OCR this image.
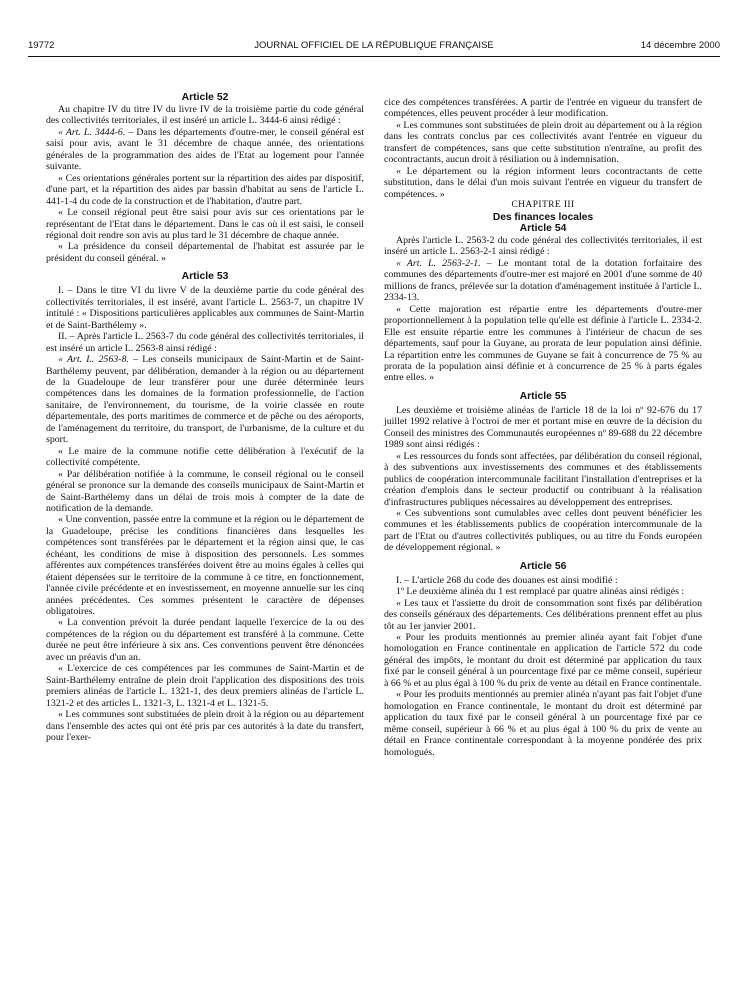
19772	JOURNAL OFFICIEL DE LA RÉPUBLIQUE FRANÇAISE	14 décembre 2000
Article 52

Au chapitre IV du titre IV du livre IV de la troisième partie du code général des collectivités territoriales, il est inséré un article L. 3444-6 ainsi rédigé :

« Art. L. 3444-6. – Dans les départements d'outre-mer, le conseil général est saisi pour avis, avant le 31 décembre de chaque année, des orientations générales de la programmation des aides de l'Etat au logement pour l'année suivante.

« Ces orientations générales portent sur la répartition des aides par dispositif, d'une part, et la répartition des aides par bassin d'habitat au sens de l'article L. 441-1-4 du code de la construction et de l'habitation, d'autre part.

« Le conseil régional peut être saisi pour avis sur ces orientations par le représentant de l'Etat dans le département. Dans le cas où il est saisi, le conseil régional doit rendre son avis au plus tard le 31 décembre de chaque année.

« La présidence du conseil départemental de l'habitat est assurée par le président du conseil général. »

Article 53

I. – Dans le titre VI du livre V de la deuxième partie du code général des collectivités territoriales, il est inséré, avant l'article L. 2563-7, un chapitre IV intitulé : « Dispositions particulières applicables aux communes de Saint-Martin et de Saint-Barthélemy ».

II. – Après l'article L. 2563-7 du code général des collectivités territoriales, il est inséré un article L. 2563-8 ainsi rédigé :

« Art. L. 2563-8. – Les conseils municipaux de Saint-Martin et de Saint-Barthélemy peuvent, par délibération, demander à la région ou au département de la Guadeloupe de leur transférer pour une durée déterminée leurs compétences dans les domaines de la formation professionnelle, de l'action sanitaire, de l'environnement, du tourisme, de la voirie classée en route départementale, des ports maritimes de commerce et de pêche ou des aéroports, de l'aménagement du territoire, du transport, de l'urbanisme, de la culture et du sport.

« Le maire de la commune notifie cette délibération à l'exécutif de la collectivité compétente.

« Par délibération notifiée à la commune, le conseil régional ou le conseil général se prononce sur la demande des conseils municipaux de Saint-Martin et de Saint-Barthélemy dans un délai de trois mois à compter de la date de notification de la demande.

« Une convention, passée entre la commune et la région ou le département de la Guadeloupe, précise les conditions financières dans lesquelles les compétences sont transférées par le département et la région ainsi que, le cas échéant, les conditions de mise à disposition des personnels. Les sommes afférentes aux compétences transférées doivent être au moins égales à celles qui étaient dépensées sur le territoire de la commune à ce titre, en fonctionnement, l'année civile précédente et en investissement, en moyenne annuelle sur les cinq années précédentes. Ces sommes présentent le caractère de dépenses obligatoires.

« La convention prévoit la durée pendant laquelle l'exercice de la ou des compétences de la région ou du département est transféré à la commune. Cette durée ne peut être inférieure à six ans. Ces conventions peuvent être dénoncées avec un préavis d'un an.

« L'exercice de ces compétences par les communes de Saint-Martin et de Saint-Barthélemy entraîne de plein droit l'application des dispositions des trois premiers alinéas de l'article L. 1321-1, des deux premiers alinéas de l'article L. 1321-2 et des articles L. 1321-3, L. 1321-4 et L. 1321-5.

« Les communes sont substituées de plein droit à la région ou au département dans l'ensemble des actes qui ont été pris par ces autorités à la date du transfert, pour l'exer-

cice des compétences transférées. A partir de l'entrée en vigueur du transfert de compétences, elles peuvent procéder à leur modification.

« Les communes sont substituées de plein droit au département ou à la région dans les contrats conclus par ces collectivités avant l'entrée en vigueur du transfert de compétences, sans que cette substitution n'entraîne, au profit des cocontractants, aucun droit à résiliation ou à indemnisation.

« Le département ou la région informent leurs cocontractants de cette substitution, dans le délai d'un mois suivant l'entrée en vigueur du transfert de compétences. »

CHAPITRE III

Des finances locales

Article 54

Après l'article L. 2563-2 du code général des collectivités territoriales, il est inséré un article L. 2563-2-1 ainsi rédigé :

« Art. L. 2563-2-1. – Le montant total de la dotation forfaitaire des communes des départements d'outre-mer est majoré en 2001 d'une somme de 40 millions de francs, prélevée sur la dotation d'aménagement instituée à l'article L. 2334-13.

« Cette majoration est répartie entre les départements d'outre-mer proportionnellement à la population telle qu'elle est définie à l'article L. 2334-2. Elle est ensuite répartie entre les communes à l'intérieur de chacun de ses départements, sauf pour la Guyane, au prorata de leur population ainsi définie. La répartition entre les communes de Guyane se fait à concurrence de 75 % au prorata de la population ainsi définie et à concurrence de 25 % à parts égales entre elles. »

Article 55

Les deuxième et troisième alinéas de l'article 18 de la loi nº 92-676 du 17 juillet 1992 relative à l'octroi de mer et portant mise en œuvre de la décision du Conseil des ministres des Communautés européennes nº 89-688 du 22 décembre 1989 sont ainsi rédigés :

« Les ressources du fonds sont affectées, par délibération du conseil régional, à des subventions aux investissements des communes et des établissements publics de coopération intercommunale facilitant l'installation d'entreprises et la création d'emplois dans le secteur productif ou contribuant à la réalisation d'infrastructures publiques nécessaires au développement des entreprises.

« Ces subventions sont cumulables avec celles dont peuvent bénéficier les communes et les établissements publics de coopération intercommunale de la part de l'Etat ou d'autres collectivités publiques, ou au titre du Fonds européen de développement régional. »

Article 56

I. – L'article 268 du code des douanes est ainsi modifié :

1º Le deuxième alinéa du 1 est remplacé par quatre alinéas ainsi rédigés :

« Les taux et l'assiette du droit de consommation sont fixés par délibération des conseils généraux des départements. Ces délibérations prennent effet au plus tôt au 1er janvier 2001.

« Pour les produits mentionnés au premier alinéa ayant fait l'objet d'une homologation en France continentale en application de l'article 572 du code général des impôts, le montant du droit est déterminé par application du taux fixé par le conseil général à un pourcentage fixé par ce même conseil, supérieur à 66 % et au plus égal à 100 % du prix de vente au détail en France continentale.

« Pour les produits mentionnés au premier alinéa n'ayant pas fait l'objet d'une homologation en France continentale, le montant du droit est déterminé par application du taux fixé par le conseil général à un pourcentage fixé par ce même conseil, supérieur à 66 % et au plus égal à 100 % du prix de vente au détail en France continentale correspondant à la moyenne pondérée des prix homologués.
